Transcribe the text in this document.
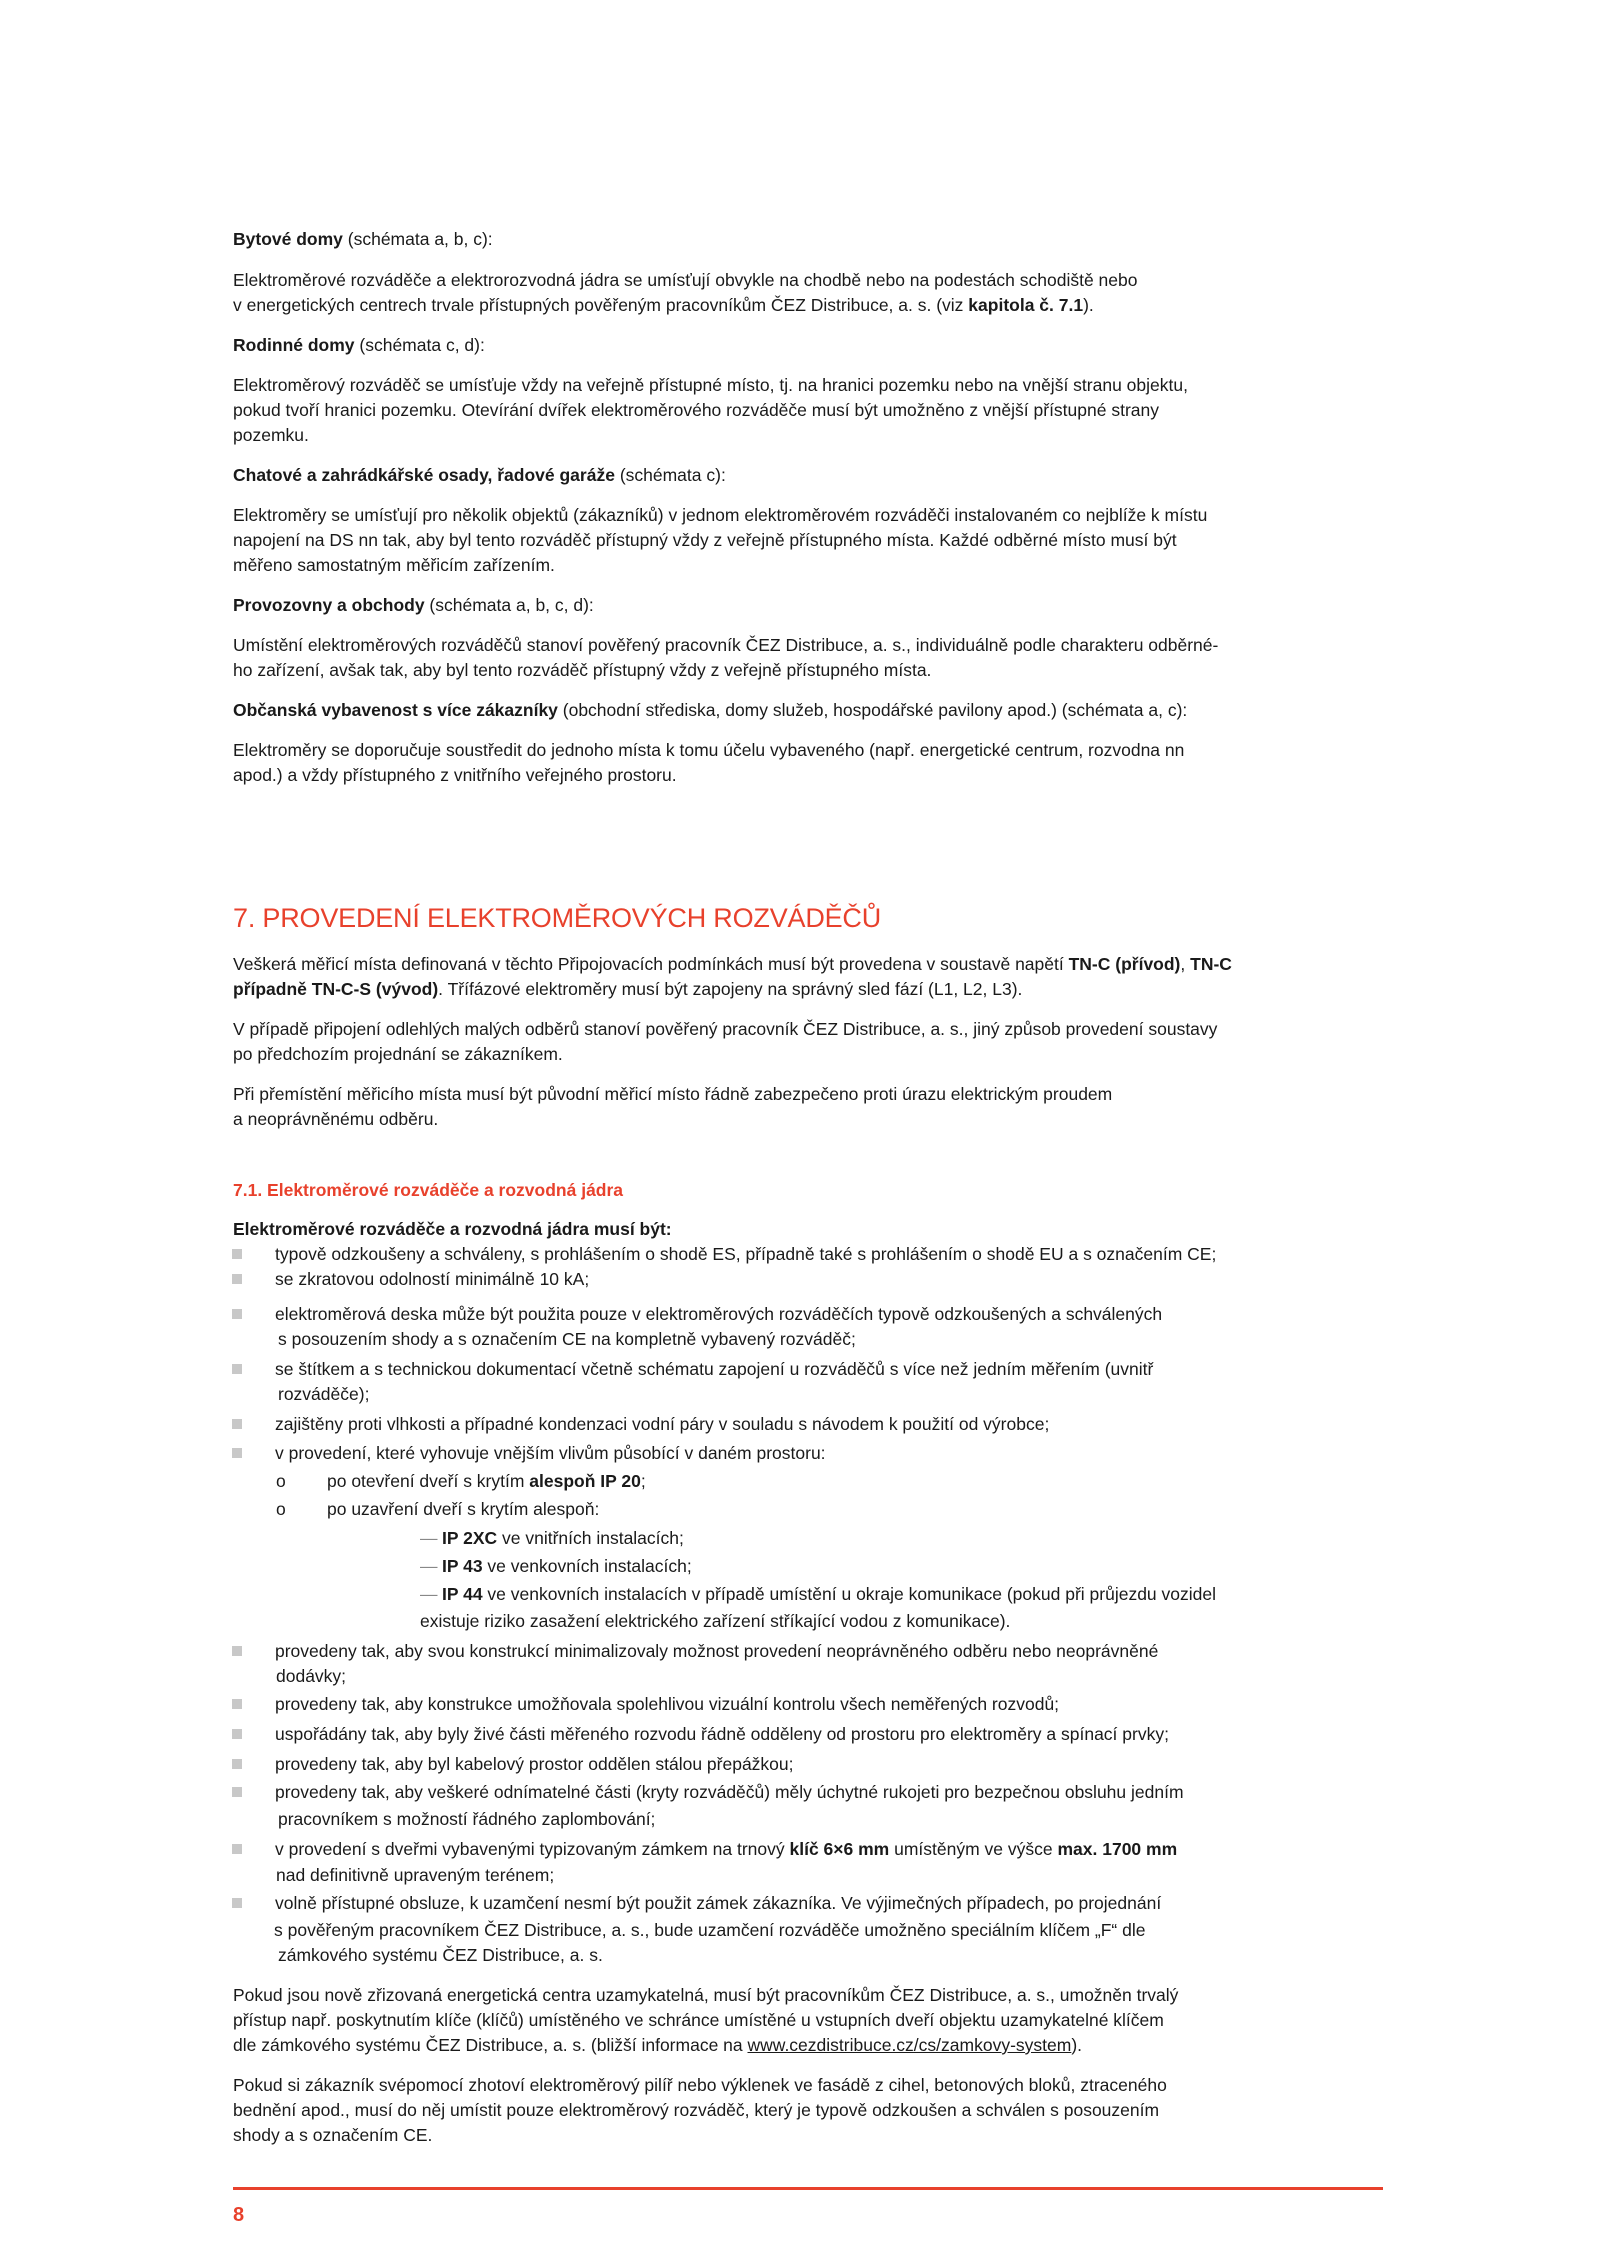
Bytové domy (schémata a, b, c):

Elektroměrové rozváděče a elektrorozvodná jádra se umísťují obvykle na chodbě nebo na podestách schodiště nebo

v energetických centrech trvale přístupných pověřeným pracovníkům ČEZ Distribuce, a. s. (viz kapitola č. 7.1).

Rodinné domy (schémata c, d):

Elektroměrový rozváděč se umísťuje vždy na veřejně přístupné místo, tj. na hranici pozemku nebo na vnější stranu objektu,

pokud tvoří hranici pozemku. Otevírání dvířek elektroměrového rozváděče musí být umožněno z vnější přístupné strany

pozemku.

Chatové a zahrádkářské osady, řadové garáže (schémata c):

Elektroměry se umísťují pro několik objektů (zákazníků) v jednom elektroměrovém rozváděči instalovaném co nejblíže k místu

napojení na DS nn tak, aby byl tento rozváděč přístupný vždy z veřejně přístupného místa. Každé odběrné místo musí být

měřeno samostatným měřicím zařízením.

Provozovny a obchody (schémata a, b, c, d):

Umístění elektroměrových rozváděčů stanoví pověřený pracovník ČEZ Distribuce, a. s., individuálně podle charakteru odběrné-

ho zařízení, avšak tak, aby byl tento rozváděč přístupný vždy z veřejně přístupného místa.

Občanská vybavenost s více zákazníky (obchodní střediska, domy služeb, hospodářské pavilony apod.) (schémata a, c):

Elektroměry se doporučuje soustředit do jednoho místa k tomu účelu vybaveného (např. energetické centrum, rozvodna nn

apod.) a vždy přístupného z vnitřního veřejného prostoru.

7. PROVEDENÍ ELEKTROMĚROVÝCH ROZVÁDĚČŮ

Veškerá měřicí místa definovaná v těchto Připojovacích podmínkách musí být provedena v soustavě napětí TN-C (přívod), TN-C

případně TN-C-S (vývod). Třífázové elektroměry musí být zapojeny na správný sled fází (L1, L2, L3).

V případě připojení odlehlých malých odběrů stanoví pověřený pracovník ČEZ Distribuce, a. s., jiný způsob provedení soustavy

po předchozím projednání se zákazníkem.

Při přemístění měřicího místa musí být původní měřicí místo řádně zabezpečeno proti úrazu elektrickým proudem

a neoprávněnému odběru.

7.1. Elektroměrové rozváděče a rozvodná jádra

Elektroměrové rozváděče a rozvodná jádra musí být:

typově odzkoušeny a schváleny, s prohlášením o shodě ES, případně také s prohlášením o shodě EU a s označením CE;
se zkratovou odolností minimálně 10 kA;
elektroměrová deska může být použita pouze v elektroměrových rozváděčích typově odzkoušených a schválených
s posouzením shody a s označením CE na kompletně vybavený rozváděč;
se štítkem a s technickou dokumentací včetně schématu zapojení u rozváděčů s více než jedním měřením (uvnitř
rozváděče);
zajištěny proti vlhkosti a případné kondenzaci vodní páry v souladu s návodem k použití od výrobce;
v provedení, které vyhovuje vnějším vlivům působící v daném prostoru:
o po otevření dveří s krytím alespoň IP 20;
o po uzavření dveří s krytím alespoň:
— IP 2XC ve vnitřních instalacích;
— IP 43 ve venkovních instalacích;
— IP 44 ve venkovních instalacích v případě umístění u okraje komunikace (pokud při průjezdu vozidel
existuje riziko zasažení elektrického zařízení stříkající vodou z komunikace).
provedeny tak, aby svou konstrukcí minimalizovaly možnost provedení neoprávněného odběru nebo neoprávněné
dodávky;
provedeny tak, aby konstrukce umožňovala spolehlivou vizuální kontrolu všech neměřených rozvodů;
uspořádány tak, aby byly živé části měřeného rozvodu řádně odděleny od prostoru pro elektroměry a spínací prvky;
provedeny tak, aby byl kabelový prostor oddělen stálou přepážkou;
provedeny tak, aby veškeré odnímatelné části (kryty rozváděčů) měly úchytné rukojeti pro bezpečnou obsluhu jedním
pracovníkem s možností řádného zaplombování;
v provedení s dveřmi vybavenými typizovaným zámkem na trnový klíč 6×6 mm umístěným ve výšce max. 1700 mm
nad definitivně upraveným terénem;
volně přístupné obsluze, k uzamčení nesmí být použit zámek zákazníka. Ve výjimečných případech, po projednání
s pověřeným pracovníkem ČEZ Distribuce, a. s., bude uzamčení rozváděče umožněno speciálním klíčem „F“ dle
zámkového systému ČEZ Distribuce, a. s.

Pokud jsou nově zřizovaná energetická centra uzamykatelná, musí být pracovníkům ČEZ Distribuce, a. s., umožněn trvalý

přístup např. poskytnutím klíče (klíčů) umístěného ve schránce umístěné u vstupních dveří objektu uzamykatelné klíčem

dle zámkového systému ČEZ Distribuce, a. s. (bližší informace na www.cezdistribuce.cz/cs/zamkovy-system).

Pokud si zákazník svépomocí zhotoví elektroměrový pilíř nebo výklenek ve fasádě z cihel, betonových bloků, ztraceného

bednění apod., musí do něj umístit pouze elektroměrový rozváděč, který je typově odzkoušen a schválen s posouzením

shody a s označením CE.

8
